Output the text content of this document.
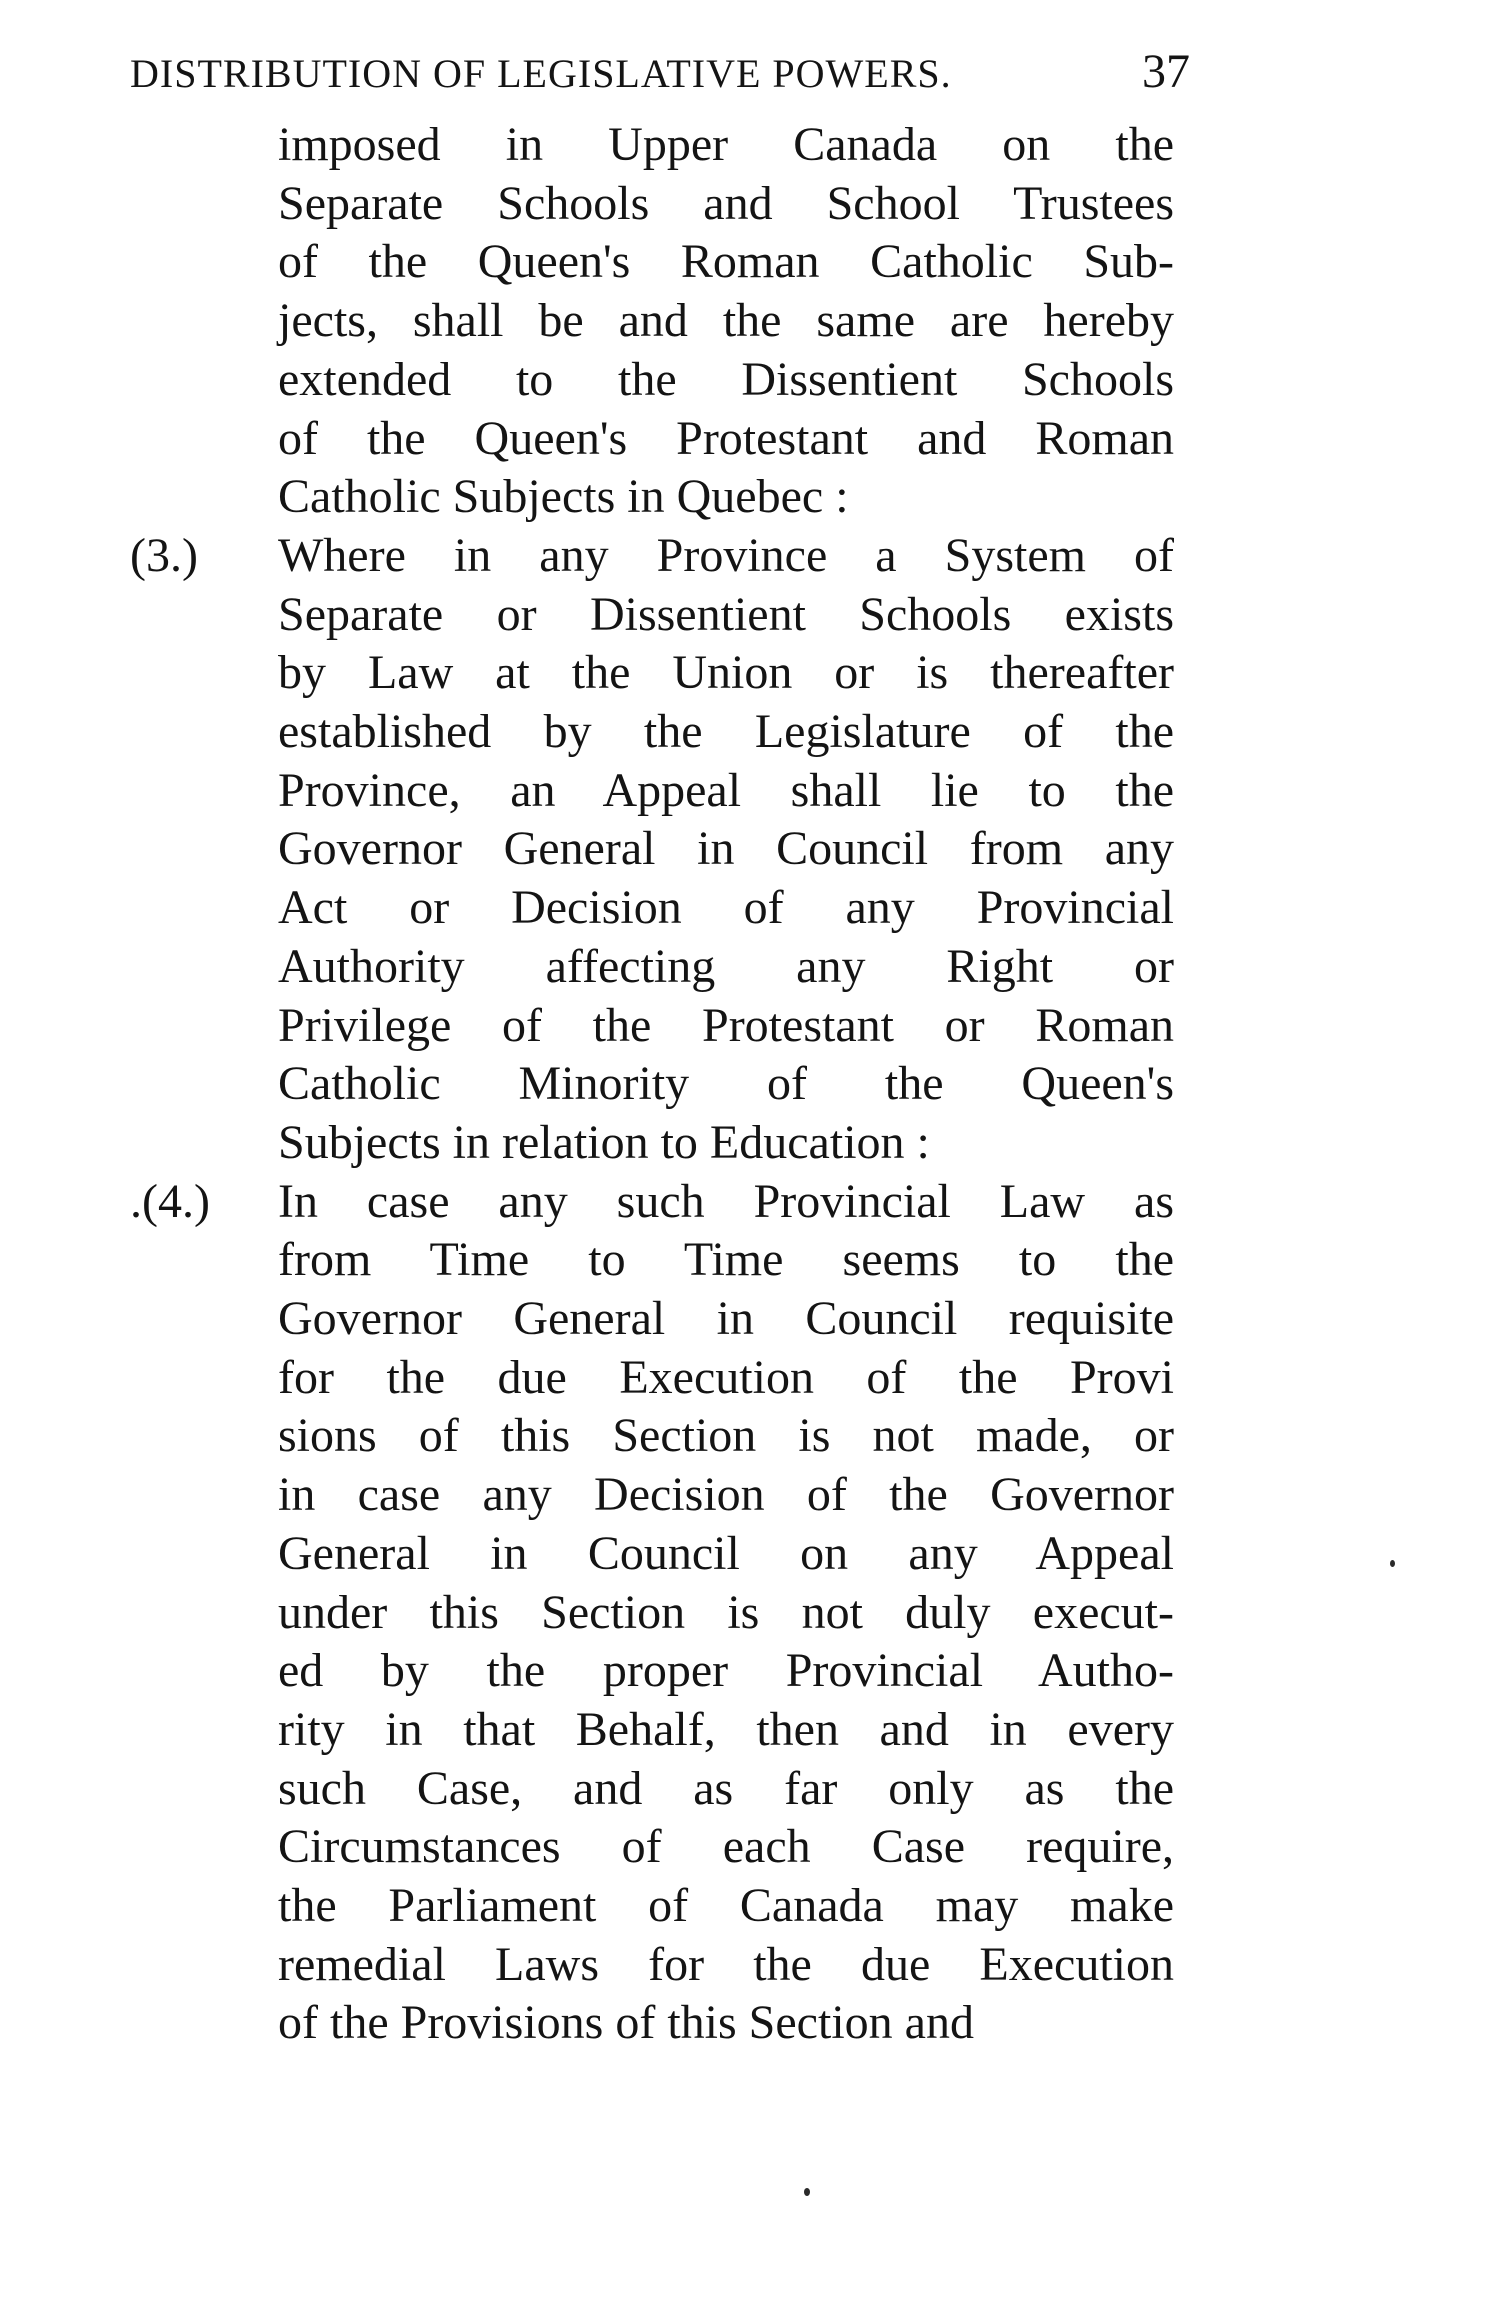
DISTRIBUTION OF LEGISLATIVE POWERS.	37
imposed in Upper Canada on the
Separate Schools and School Trustees
of the Queen's Roman Catholic Sub-
jects, shall be and the same are hereby
extended to the Dissentient Schools
of the Queen's Protestant and Roman
Catholic Subjects in Quebec :
(3.)	Where in any Province a System of
Separate or Dissentient Schools exists
by Law at the Union or is thereafter
established by the Legislature of the
Province, an Appeal shall lie to the
Governor General in Council from any
Act or Decision of any Provincial
Authority affecting any Right or
Privilege of the Protestant or Roman
Catholic Minority of the Queen's
Subjects in relation to Education :
.(4.)	In case any such Provincial Law as
from Time to Time seems to the
Governor General in Council requisite
for the due Execution of the Provi
sions of this Section is not made, or
in case any Decision of the Governor
General in Council on any Appeal
under this Section is not duly execut-
ed by the proper Provincial Autho-
rity in that Behalf, then and in every
such Case, and as far only as the
Circumstances of each Case require,
the Parliament of Canada may make
remedial Laws for the due Execution
of the Provisions of this Section and
